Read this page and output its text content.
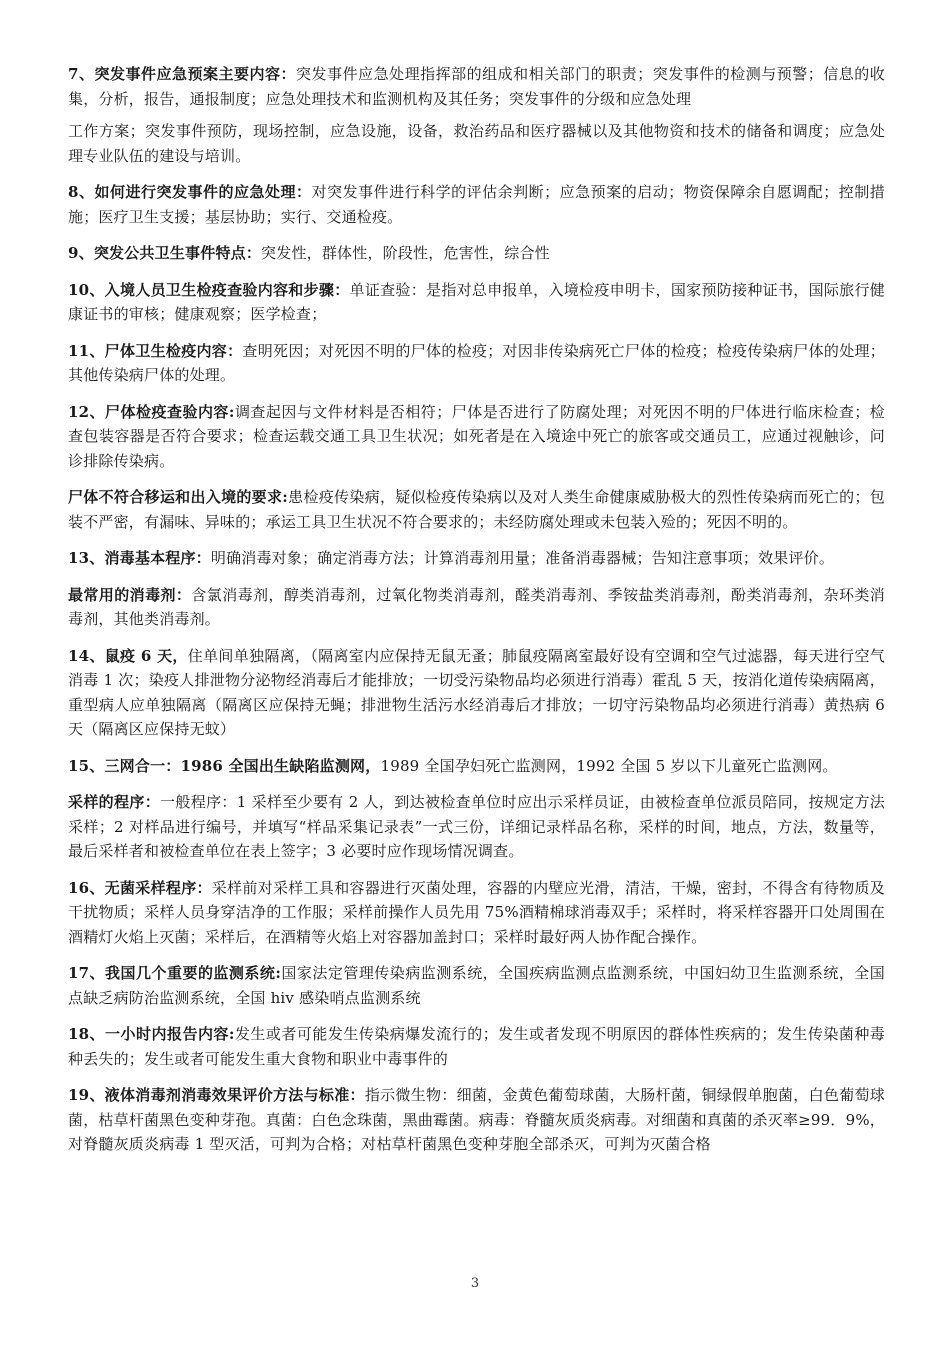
7、突发事件应急预案主要内容：突发事件应急处理指挥部的组成和相关部门的职责；突发事件的检测与预警；信息的收集，分析，报告，通报制度；应急处理技术和监测机构及其任务；突发事件的分级和应急处理

工作方案；突发事件预防，现场控制，应急设施，设备，救治药品和医疗器械以及其他物资和技术的储备和调度；应急处理专业队伍的建设与培训。

8、如何进行突发事件的应急处理：对突发事件进行科学的评估余判断；应急预案的启动；物资保障余自愿调配；控制措施；医疗卫生支援；基层协助；实行、交通检疫。

9、突发公共卫生事件特点：突发性，群体性，阶段性，危害性，综合性

10、入境人员卫生检疫查验内容和步骤：单证查验：是指对总申报单，入境检疫申明卡，国家预防接种证书，国际旅行健康证书的审核；健康观察；医学检查；

11、尸体卫生检疫内容：查明死因；对死因不明的尸体的检疫；对因非传染病死亡尸体的检疫；检疫传染病尸体的处理；其他传染病尸体的处理。

12、尸体检疫查验内容:调查起因与文件材料是否相符；尸体是否进行了防腐处理；对死因不明的尸体进行临床检查；检查包装容器是否符合要求；检查运载交通工具卫生状况；如死者是在入境途中死亡的旅客或交通员工，应通过视触诊，问诊排除传染病。

尸体不符合移运和出入境的要求:患检疫传染病，疑似检疫传染病以及对人类生命健康威胁极大的烈性传染病而死亡的；包装不严密，有漏味、异味的；承运工具卫生状况不符合要求的；未经防腐处理或未包装入殓的；死因不明的。

13、消毒基本程序：明确消毒对象；确定消毒方法；计算消毒剂用量；准备消毒器械；告知注意事项；效果评价。

最常用的消毒剂：含氯消毒剂，醇类消毒剂，过氧化物类消毒剂，醛类消毒剂、季铵盐类消毒剂，酚类消毒剂，杂环类消毒剂，其他类消毒剂。

14、鼠疫 6 天，住单间单独隔离，（隔离室内应保持无鼠无蚤；肺鼠疫隔离室最好设有空调和空气过滤器，每天进行空气消毒 1 次；染疫人排泄物分泌物经消毒后才能排放；一切受污染物品均必须进行消毒）霍乱 5 天，按消化道传染病隔离，重型病人应单独隔离（隔离区应保持无蝇；排泄物生活污水经消毒后才排放；一切守污染物品均必须进行消毒）黄热病 6 天（隔离区应保持无蚊）

15、三网合一：1986 全国出生缺陷监测网，1989 全国孕妇死亡监测网，1992 全国 5 岁以下儿童死亡监测网。

采样的程序：一般程序：1 采样至少要有 2 人，到达被检查单位时应出示采样员证，由被检查单位派员陪同，按规定方法采样；2 对样品进行编号，并填写“样品采集记录表”一式三份，详细记录样品名称，采样的时间，地点，方法，数量等，最后采样者和被检查单位在表上签字；3 必要时应作现场情况调查。

16、无菌采样程序：采样前对采样工具和容器进行灭菌处理，容器的内壁应光滑，清洁，干燥，密封，不得含有待物质及干扰物质；采样人员身穿洁净的工作服；采样前操作人员先用 75%酒精棉球消毒双手；采样时，将采样容器开口处周围在酒精灯火焰上灭菌；采样后，在酒精等火焰上对容器加盖封口；采样时最好两人协作配合操作。

17、我国几个重要的监测系统:国家法定管理传染病监测系统，全国疾病监测点监测系统，中国妇幼卫生监测系统，全国点缺乏病防治监测系统，全国 hiv 感染哨点监测系统

18、一小时内报告内容:发生或者可能发生传染病爆发流行的；发生或者发现不明原因的群体性疾病的；发生传染菌种毒种丢失的；发生或者可能发生重大食物和职业中毒事件的

19、液体消毒剂消毒效果评价方法与标准：指示微生物：细菌，金黄色葡萄球菌，大肠杆菌，铜绿假单胞菌，白色葡萄球菌，枯草杆菌黑色变种芽孢。真菌：白色念珠菌，黑曲霉菌。病毒：脊髓灰质炎病毒。对细菌和真菌的杀灭率≥99．9%，对脊髓灰质炎病毒 1 型灭活，可判为合格；对枯草杆菌黑色变种芽胞全部杀灭，可判为灭菌合格

3
